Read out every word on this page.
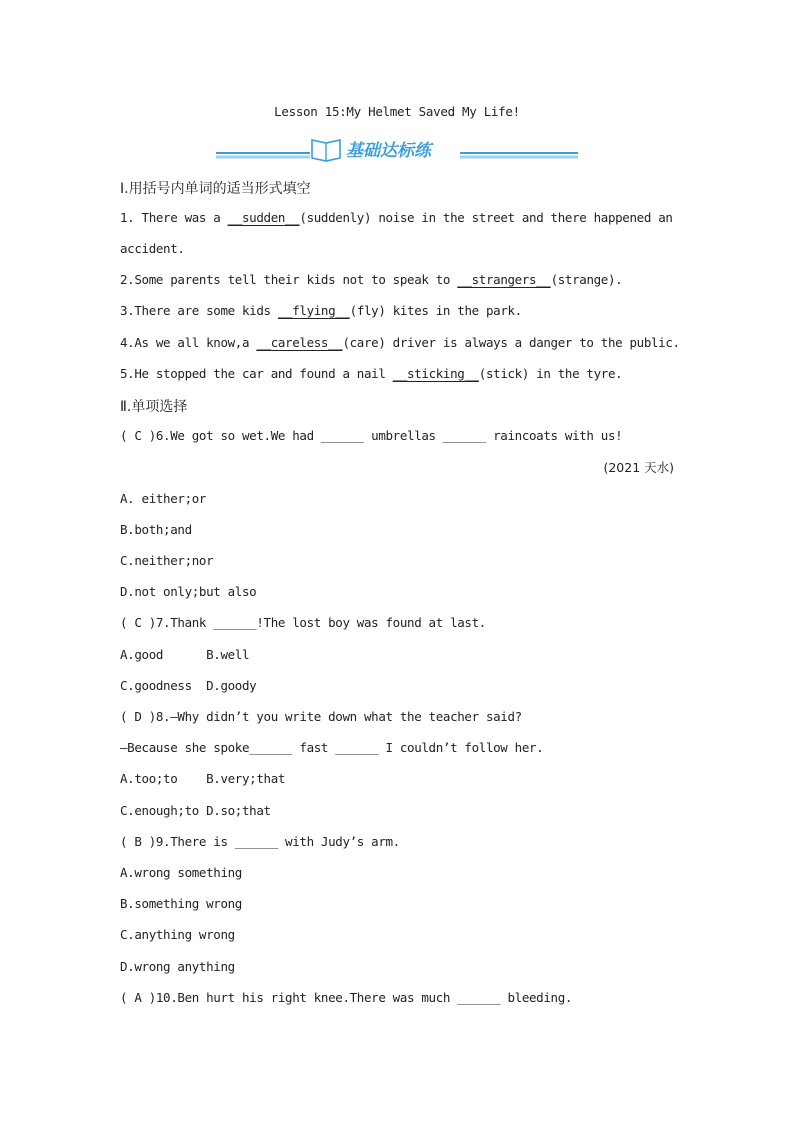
Lesson 15:My Helmet Saved My Life!
基础达标练
Ⅰ.用括号内单词的适当形式填空
1. There was a __sudden__(suddenly) noise in the street and there happened an
accident.
2.Some parents tell their kids not to speak to __strangers__(strange).
3.There are some kids __flying__(fly) kites in the park.
4.As we all know,a __careless__(care) driver is always a danger to the public.
5.He stopped the car and found a nail __sticking__(stick) in the tyre.
Ⅱ.单项选择
( C )6.We got so wet.We had ______ umbrellas ______ raincoats with us!
(2021 天水)
A. either;or
B.both;and
C.neither;nor
D.not only;but also
( C )7.Thank ______!The lost boy was found at last.
A.good      B.well
C.goodness  D.goody
( D )8.—Why didn’t you write down what the teacher said?
—Because she spoke______ fast ______ I couldn’t follow her.
A.too;to    B.very;that
C.enough;to D.so;that
( B )9.There is ______ with Judy’s arm.
A.wrong something
B.something wrong
C.anything wrong
D.wrong anything
( A )10.Ben hurt his right knee.There was much ______ bleeding.
